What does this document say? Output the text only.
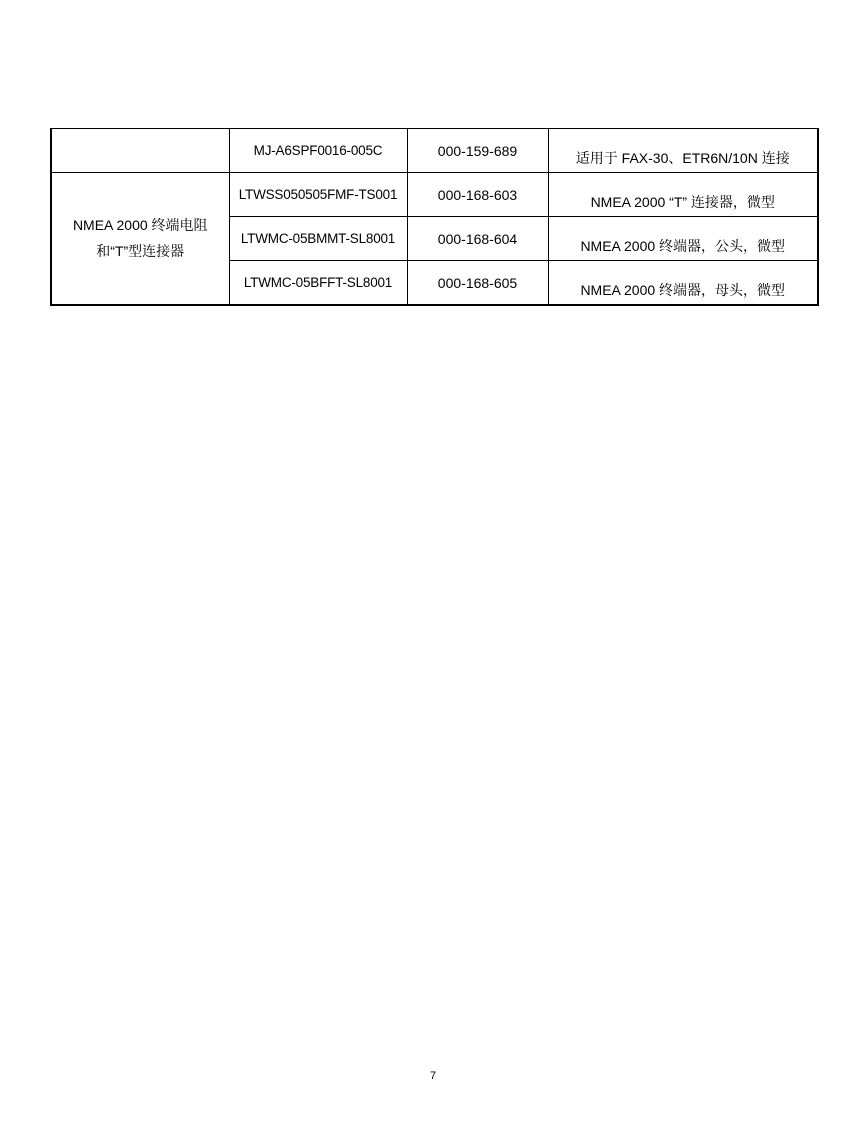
	MJ-A6SPF0016-005C	000-159-689	适用于 FAX-30、ETR6N/10N 连接
NMEA 2000 终端电阻和“T”型连接器	LTWSS050505FMF-TS001	000-168-603	NMEA 2000 “T” 连接器，微型
	LTWMC-05BMMT-SL8001	000-168-604	NMEA 2000 终端器，公头，微型
	LTWMC-05BFFT-SL8001	000-168-605	NMEA 2000 终端器，母头，微型
7
